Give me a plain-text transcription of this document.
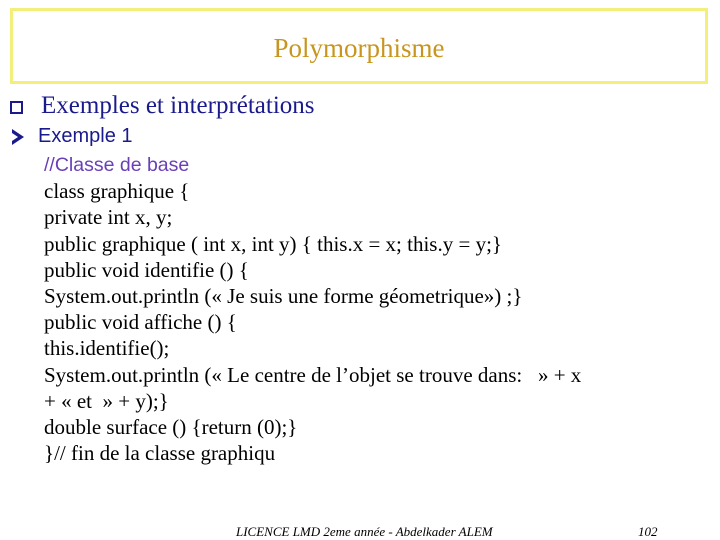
Polymorphisme
Exemples et interprétations
Exemple 1
//Classe de base
class graphique {
private int x, y;
public graphique ( int x, int y) { this.x = x; this.y = y;}
public void identifie () {
System.out.println (« Je suis une forme géometrique») ;}
public void affiche () {
this.identifie();
System.out.println (« Le centre de l’objet se trouve dans:   » + x
+ « et  » + y);}
double surface () {return (0);}
}// fin de la classe graphiqu
LICENCE LMD 2eme année - Abdelkader ALEM	102
